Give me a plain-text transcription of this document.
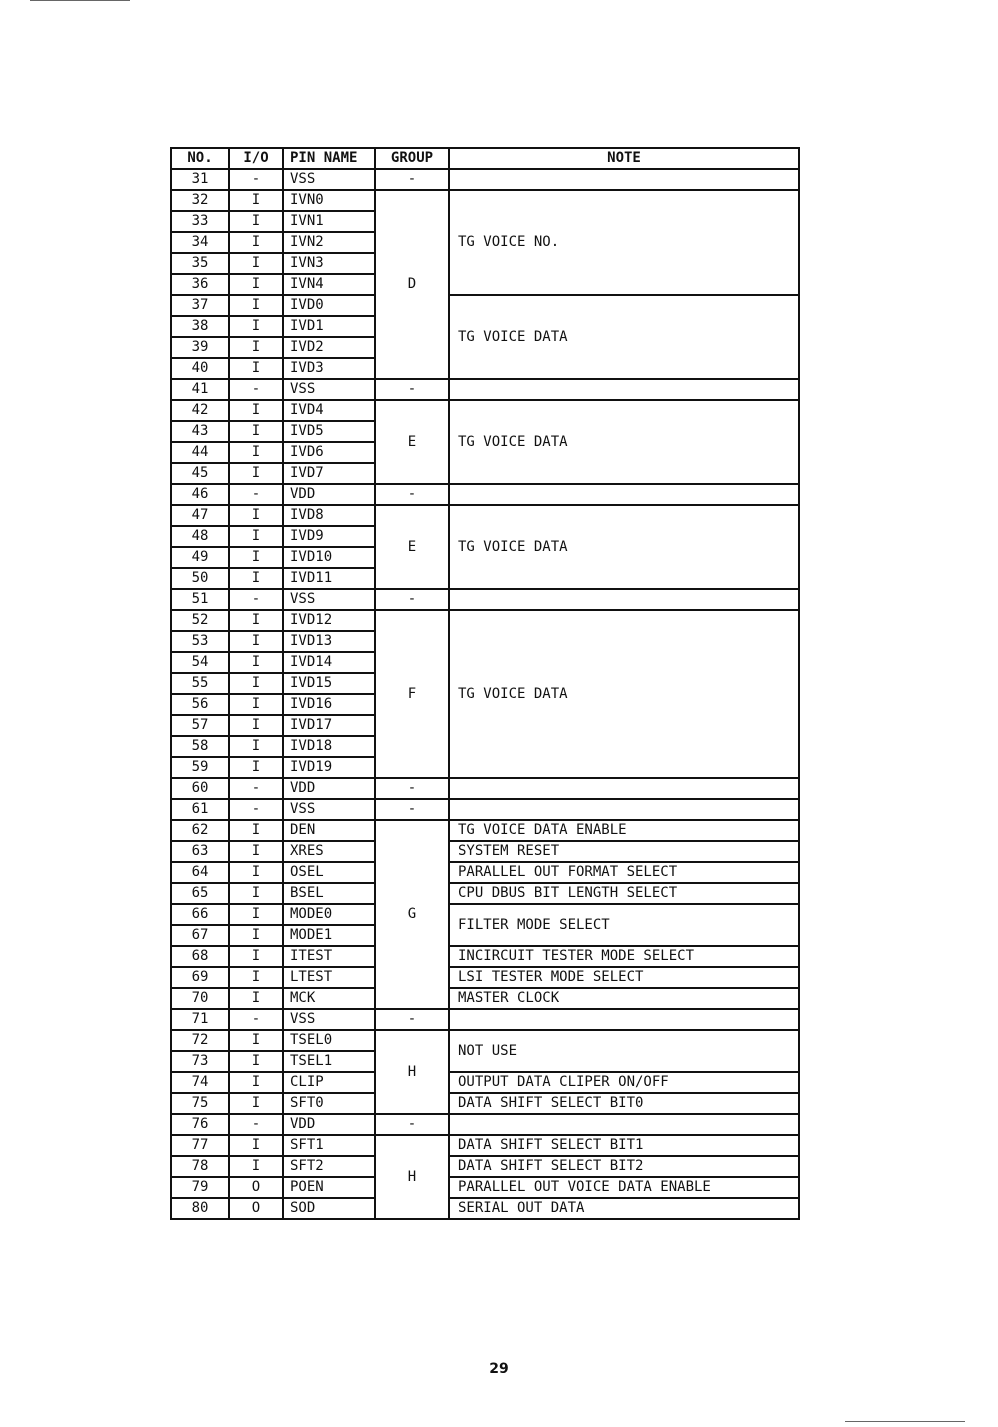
NO.	I/O	PIN NAME	GROUP	NOTE
31	-	VSS	-	
32	I	IVN0	D	TG VOICE NO.
33	I	IVN1		
34	I	IVN2		
35	I	IVN3		
36	I	IVN4		
37	I	IVD0		TG VOICE DATA
38	I	IVD1		
39	I	IVD2		
40	I	IVD3		
41	-	VSS	-	
42	I	IVD4	E	TG VOICE DATA
43	I	IVD5		
44	I	IVD6		
45	I	IVD7		
46	-	VDD	-	
47	I	IVD8	E	TG VOICE DATA
48	I	IVD9		
49	I	IVD10		
50	I	IVD11		
51	-	VSS	-	
52	I	IVD12	F	TG VOICE DATA
53	I	IVD13		
54	I	IVD14		
55	I	IVD15		
56	I	IVD16		
57	I	IVD17		
58	I	IVD18		
59	I	IVD19		
60	-	VDD	-	
61	-	VSS	-	
62	I	DEN	G	TG VOICE DATA ENABLE
63	I	XRES		SYSTEM RESET
64	I	OSEL		PARALLEL OUT FORMAT SELECT
65	I	BSEL		CPU DBUS BIT LENGTH SELECT
66	I	MODE0		FILTER MODE SELECT
67	I	MODE1		
68	I	ITEST		INCIRCUIT TESTER MODE SELECT
69	I	LTEST		LSI TESTER MODE SELECT
70	I	MCK		MASTER CLOCK
71	-	VSS	-	
72	I	TSEL0	H	NOT USE
73	I	TSEL1		
74	I	CLIP		OUTPUT DATA CLIPER ON/OFF
75	I	SFT0		DATA SHIFT SELECT BIT0
76	-	VDD	-	
77	I	SFT1	H	DATA SHIFT SELECT BIT1
78	I	SFT2		DATA SHIFT SELECT BIT2
79	O	POEN		PARALLEL OUT VOICE DATA ENABLE
80	O	SOD		SERIAL OUT DATA
29
